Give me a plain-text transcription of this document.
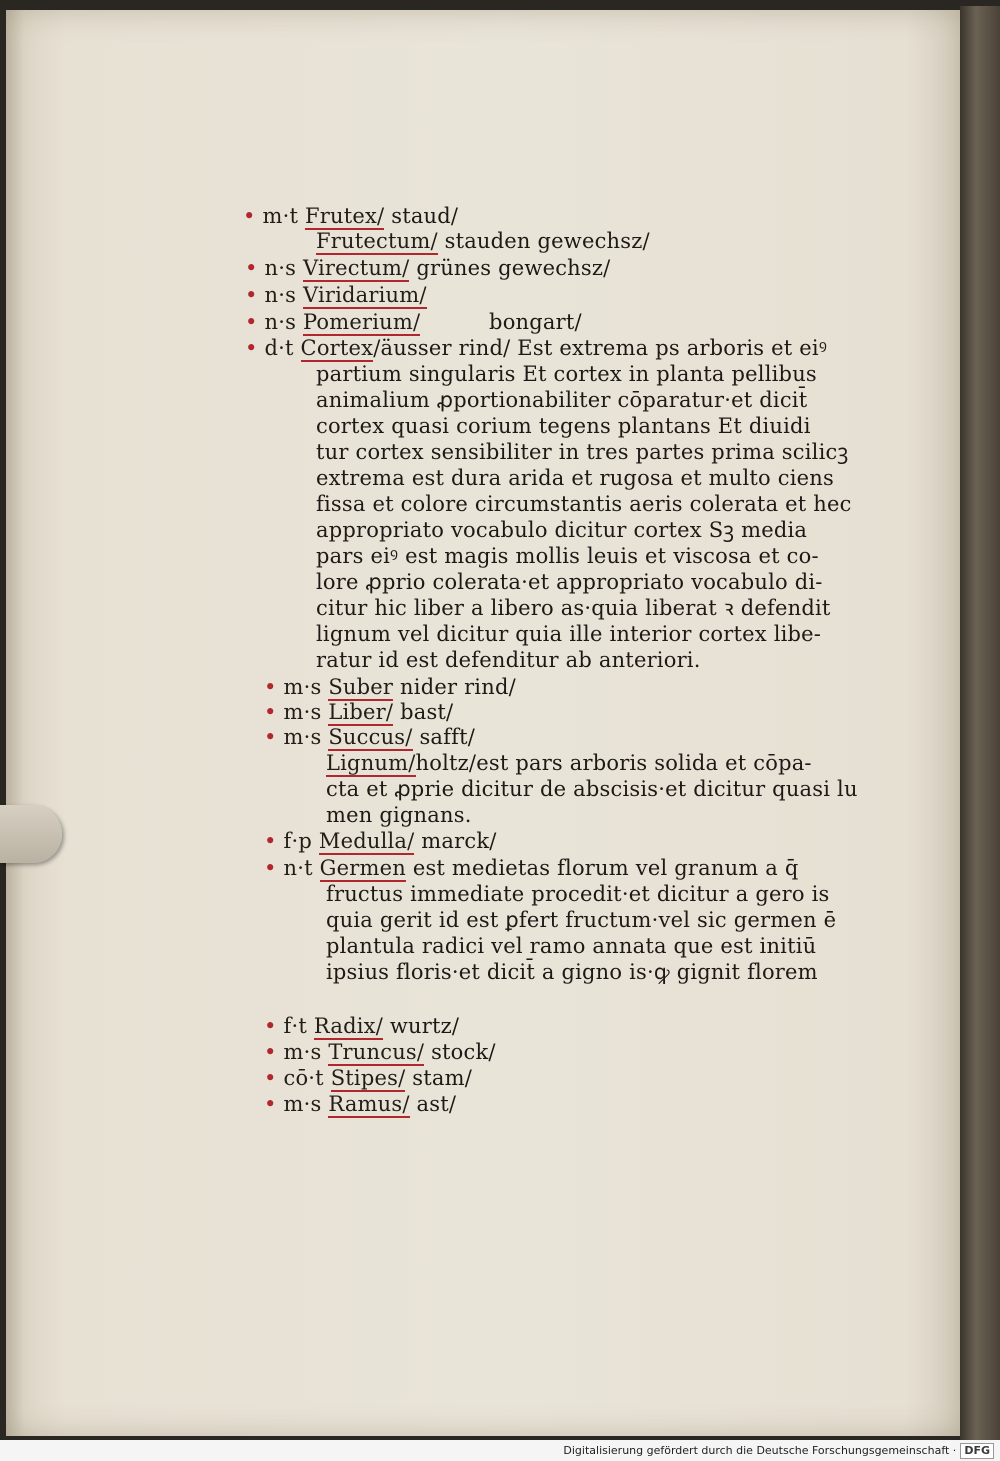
• m·t Frutex/ staud/
Frutectum/ stauden gewechsz/
• n·s Virectum/ grünes gewechsz/
• n·s Viridarium/
• n·s Pomerium/          bongart/
• d·t Cortex/äusser rind/ Est extrema ps arboris et eiꝰ
partium singularis Et cortex in planta pellibus
animalium ꝓportionabiliter cōparatur·et dicit̄
cortex quasi corium tegens plantans Et diuidi
tur cortex sensibiliter in tres partes prima scilicꝫ
extrema est dura arida et rugosa et multo ciens
fissa et colore circumstantis aeris colerata et hec
appropriato vocabulo dicitur cortex Sꝫ media
pars eiꝰ est magis mollis leuis et viscosa et co-
lore ꝓprio colerata·et appropriato vocabulo di-
citur hic liber a libero as·quia liberat ꝛ defendit
lignum vel dicitur quia ille interior cortex libe-
ratur id est defenditur ab anteriori.
• m·s Suber nider rind/
• m·s Liber/ bast/
• m·s Succus/ safft/
Lignum/holtz/est pars arboris solida et cōpa-
cta et ꝓprie dicitur de abscisis·et dicitur quasi lu
men gignans.
• f·p Medulla/ marck/
• n·t Germen est medietas florum vel granum a q̄
fructus immediate procedit·et dicitur a gero is
quia gerit id est ꝑfert fructum·vel sic germen ē
plantula radici vel ramo annata que est initiū
ipsius floris·et dicit̄ a gigno is·ꝙ gignit florem
• f·t Radix/ wurtz/
• m·s Truncus/ stock/
• cō·t Stipes/ stam/
• m·s Ramus/ ast/
Digitalisierung gefördert durch die Deutsche Forschungsgemeinschaft · DFG
